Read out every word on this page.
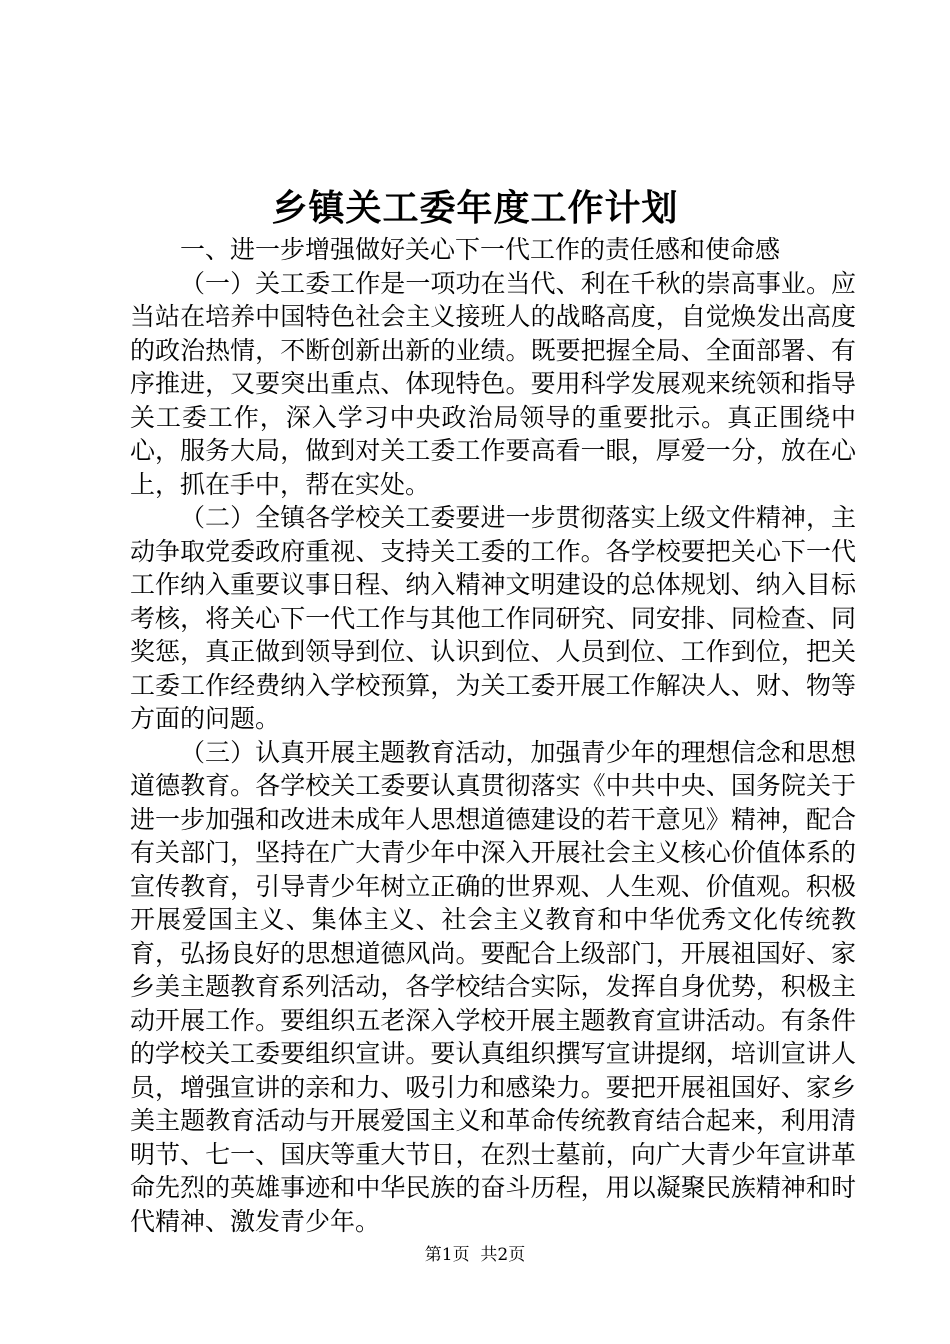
乡镇关工委年度工作计划

一、进一步增强做好关心下一代工作的责任感和使命感

（一）关工委工作是一项功在当代、利在千秋的崇高事业。应当站在培养中国特色社会主义接班人的战略高度，自觉焕发出高度的政治热情，不断创新出新的业绩。既要把握全局、全面部署、有序推进，又要突出重点、体现特色。要用科学发展观来统领和指导关工委工作，深入学习中央政治局领导的重要批示。真正围绕中心，服务大局，做到对关工委工作要高看一眼，厚爱一分，放在心上，抓在手中，帮在实处。

（二）全镇各学校关工委要进一步贯彻落实上级文件精神，主动争取党委政府重视、支持关工委的工作。各学校要把关心下一代工作纳入重要议事日程、纳入精神文明建设的总体规划、纳入目标考核，将关心下一代工作与其他工作同研究、同安排、同检查、同奖惩，真正做到领导到位、认识到位、人员到位、工作到位，把关工委工作经费纳入学校预算，为关工委开展工作解决人、财、物等方面的问题。

（三）认真开展主题教育活动，加强青少年的理想信念和思想道德教育。各学校关工委要认真贯彻落实《中共中央、国务院关于进一步加强和改进未成年人思想道德建设的若干意见》精神，配合有关部门，坚持在广大青少年中深入开展社会主义核心价值体系的宣传教育，引导青少年树立正确的世界观、人生观、价值观。积极开展爱国主义、集体主义、社会主义教育和中华优秀文化传统教育，弘扬良好的思想道德风尚。要配合上级部门，开展祖国好、家乡美主题教育系列活动，各学校结合实际，发挥自身优势，积极主动开展工作。要组织五老深入学校开展主题教育宣讲活动。有条件的学校关工委要组织宣讲。要认真组织撰写宣讲提纲，培训宣讲人员，增强宣讲的亲和力、吸引力和感染力。要把开展祖国好、家乡美主题教育活动与开展爱国主义和革命传统教育结合起来，利用清明节、七一、国庆等重大节日，在烈士墓前，向广大青少年宣讲革命先烈的英雄事迹和中华民族的奋斗历程，用以凝聚民族精神和时代精神、激发青少年。

第1页  共2页
